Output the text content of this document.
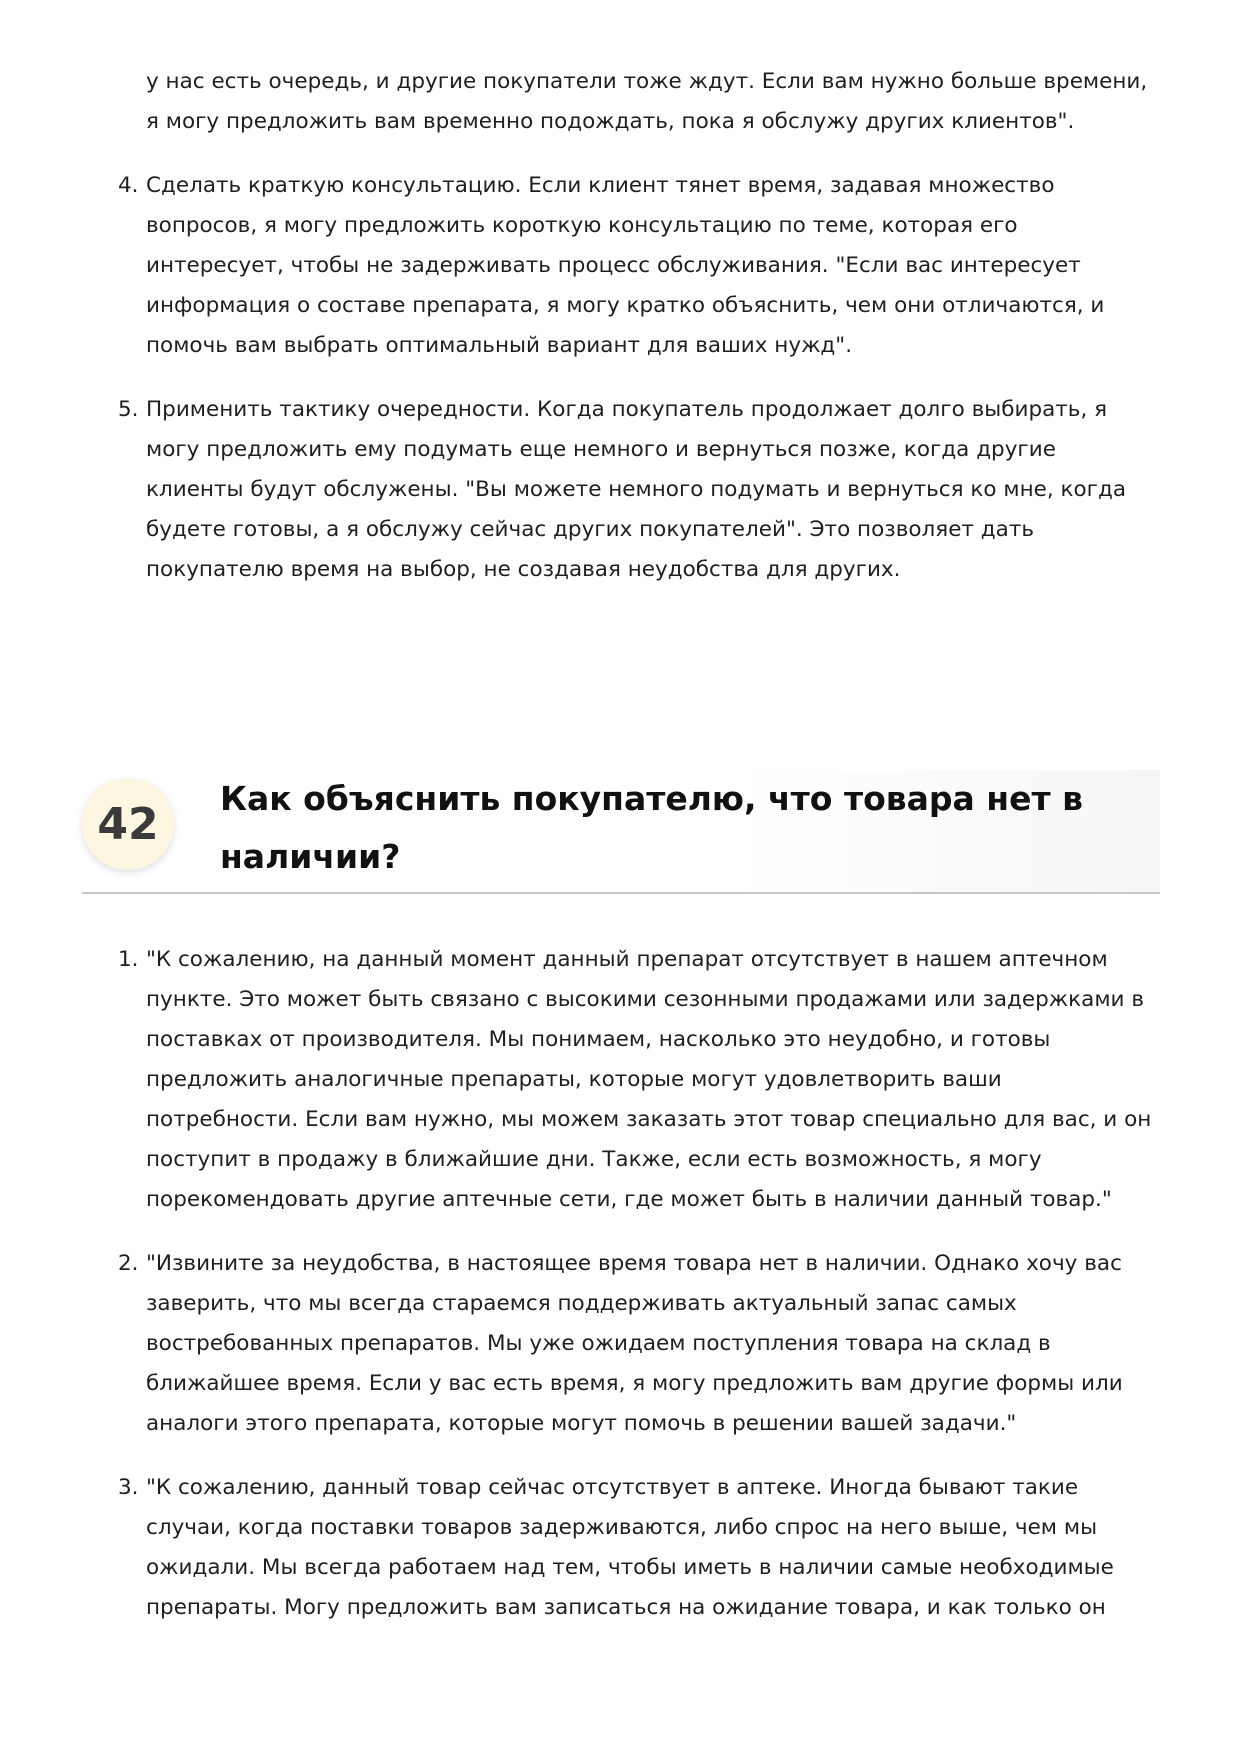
у нас есть очередь, и другие покупатели тоже ждут. Если вам нужно больше времени, я могу предложить вам временно подождать, пока я обслужу других клиентов".
4. Сделать краткую консультацию. Если клиент тянет время, задавая множество вопросов, я могу предложить короткую консультацию по теме, которая его интересует, чтобы не задерживать процесс обслуживания. "Если вас интересует информация о составе препарата, я могу кратко объяснить, чем они отличаются, и помочь вам выбрать оптимальный вариант для ваших нужд".
5. Применить тактику очередности. Когда покупатель продолжает долго выбирать, я могу предложить ему подумать еще немного и вернуться позже, когда другие клиенты будут обслужены. "Вы можете немного подумать и вернуться ко мне, когда будете готовы, а я обслужу сейчас других покупателей". Это позволяет дать покупателю время на выбор, не создавая неудобства для других.
42	Как объяснить покупателю, что товара нет в наличии?
1. "К сожалению, на данный момент данный препарат отсутствует в нашем аптечном пункте. Это может быть связано с высокими сезонными продажами или задержками в поставках от производителя. Мы понимаем, насколько это неудобно, и готовы предложить аналогичные препараты, которые могут удовлетворить ваши потребности. Если вам нужно, мы можем заказать этот товар специально для вас, и он поступит в продажу в ближайшие дни. Также, если есть возможность, я могу порекомендовать другие аптечные сети, где может быть в наличии данный товар."
2. "Извините за неудобства, в настоящее время товара нет в наличии. Однако хочу вас заверить, что мы всегда стараемся поддерживать актуальный запас самых востребованных препаратов. Мы уже ожидаем поступления товара на склад в ближайшее время. Если у вас есть время, я могу предложить вам другие формы или аналоги этого препарата, которые могут помочь в решении вашей задачи."
3. "К сожалению, данный товар сейчас отсутствует в аптеке. Иногда бывают такие случаи, когда поставки товаров задерживаются, либо спрос на него выше, чем мы ожидали. Мы всегда работаем над тем, чтобы иметь в наличии самые необходимые препараты. Могу предложить вам записаться на ожидание товара, и как только он
